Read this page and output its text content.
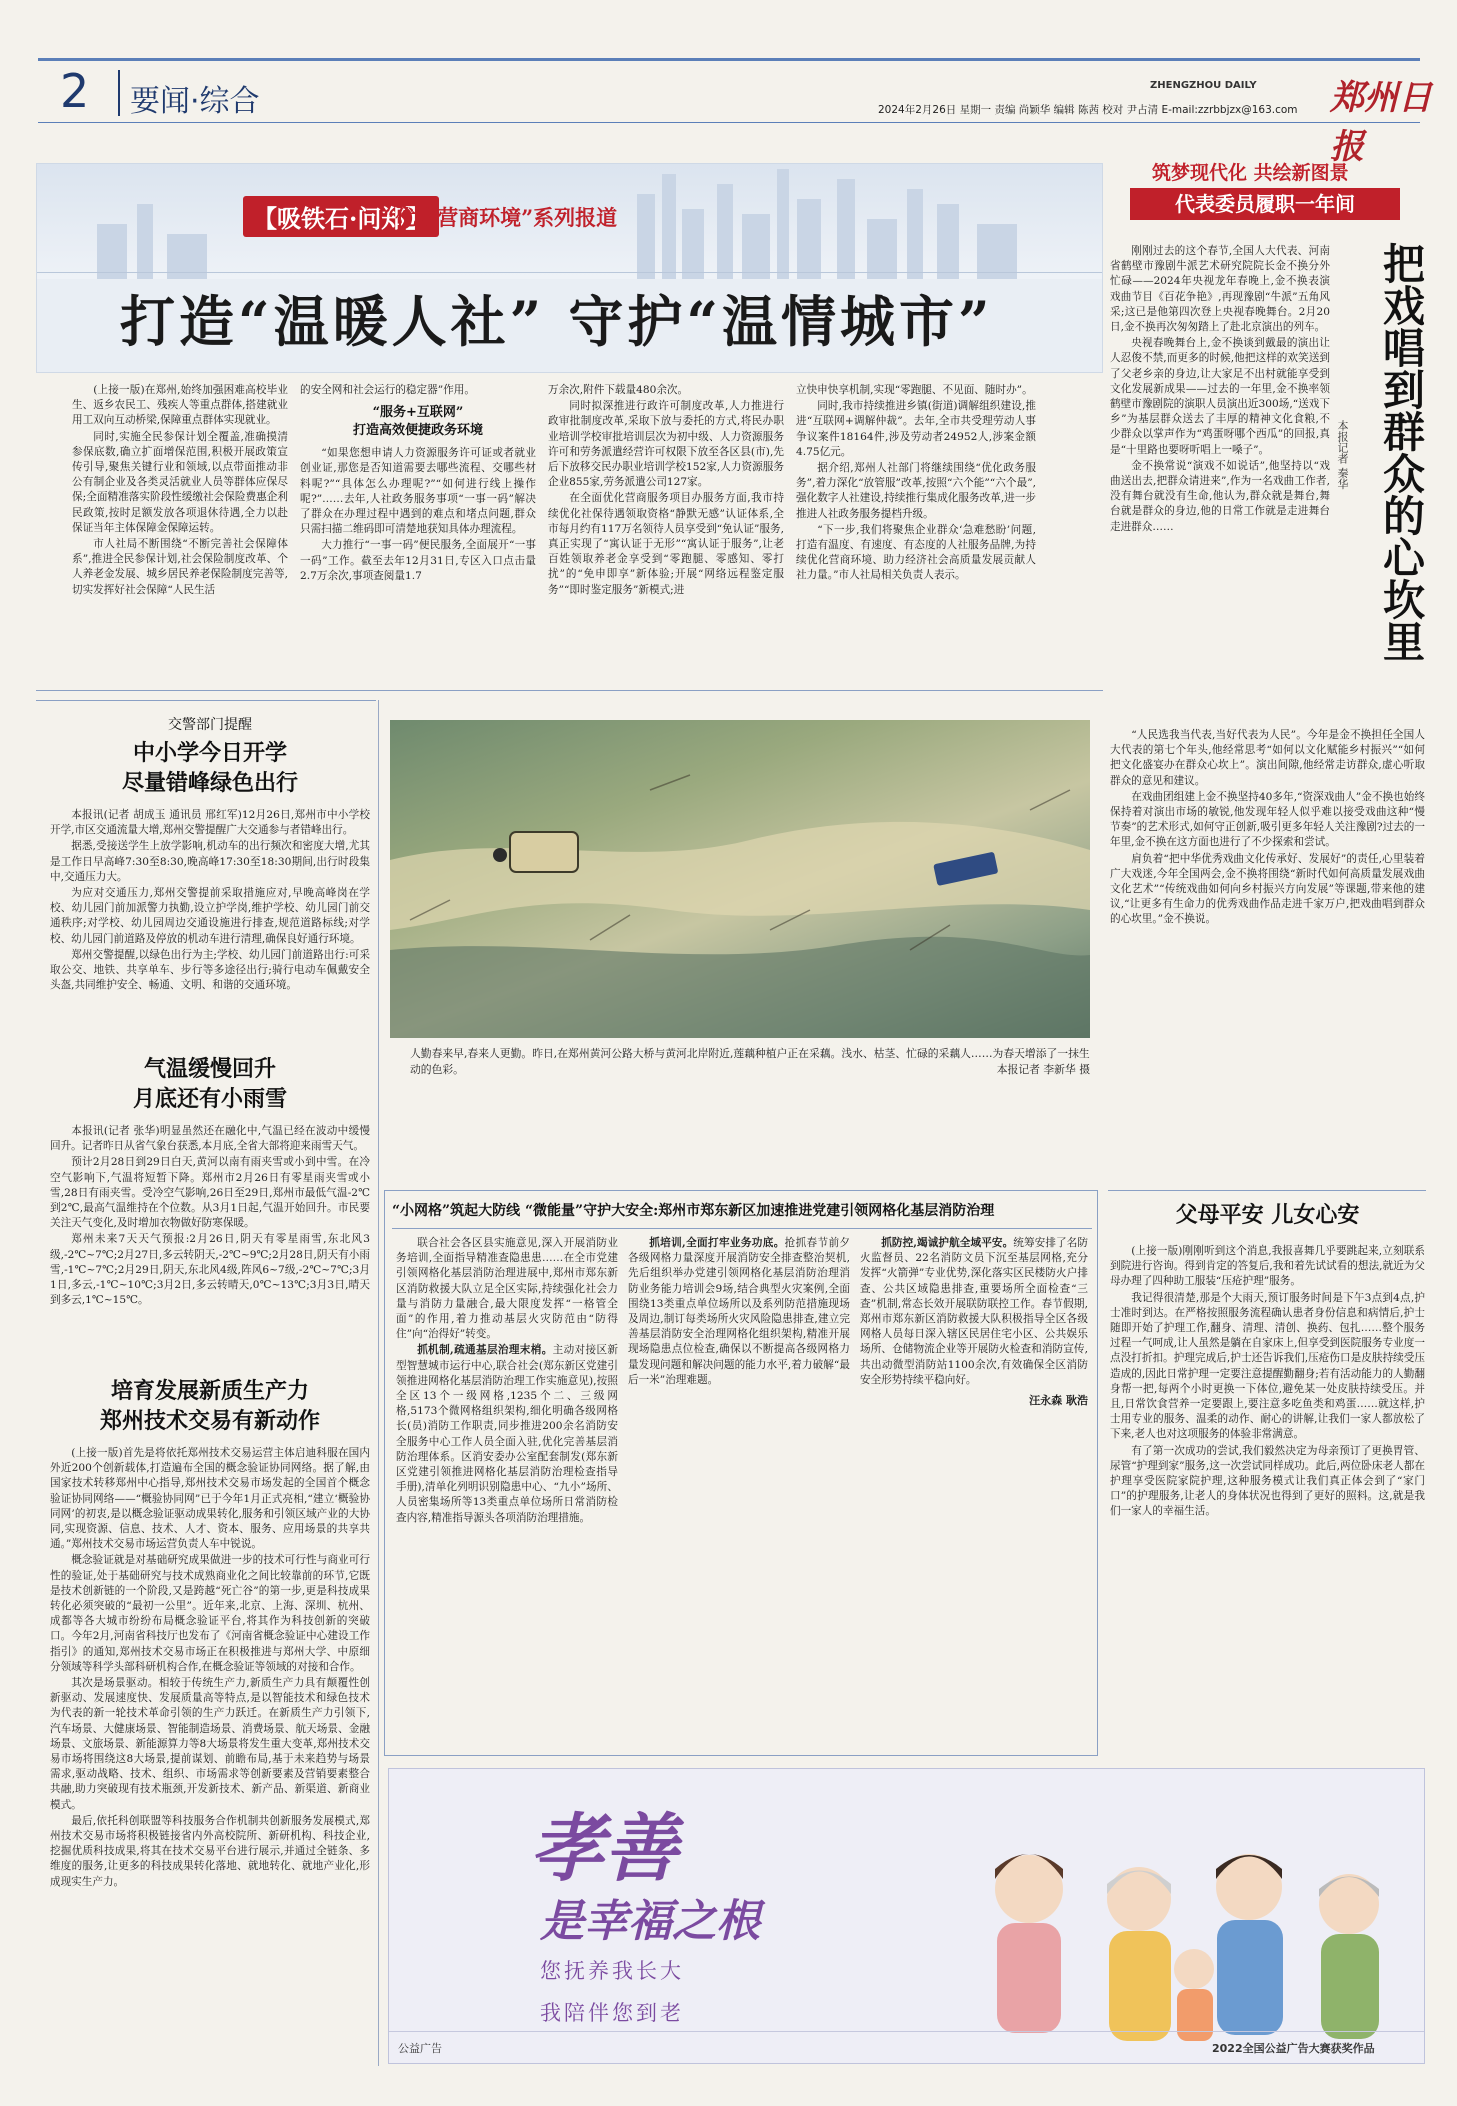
2 要闻·综合	ZHENGZHOU DAILY 郑州日报
2024年2月26日 星期一 责编 尚颖华 编辑 陈茜 校对 尹占清 E-mail:zzrbbjzx@163.com
【吸铁石·问郑】
“优化营商环境”系列报道
打造“温暖人社” 守护“温情城市”

(上接一版)在郑州,始终加强困难高校毕业生、返乡农民工、残疾人等重点群体,搭建就业用工双向互动桥梁,保障重点群体实现就业。

同时,实施全民参保计划全覆盖,准确摸清参保底数,确立扩面增保范围,积极开展政策宣传引导,聚焦关键行业和领域,以点带面推动非公有制企业及各类灵活就业人员等群体应保尽保;全面精准落实阶段性缓缴社会保险费惠企利民政策,按时足额发放各项退休待遇,全力以赴保证当年主体保障金保障运转。

市人社局不断围绕“不断完善社会保障体系”,推进全民参保计划,社会保险制度改革、个人养老金发展、城乡居民养老保险制度完善等,切实发挥好社会保障“人民生活

的安全网和社会运行的稳定器”作用。

“服务+互联网”
打造高效便捷政务环境

“如果您想申请人力资源服务许可证或者就业创业证,那您是否知道需要去哪些流程、交哪些材料呢?”“具体怎么办理呢?”“如何进行线上操作呢?”……去年,人社政务服务事项“一事一码”解决了群众在办理过程中遇到的难点和堵点问题,群众只需扫描二维码即可清楚地获知具体办理流程。

大力推行“一事一码”便民服务,全面展开“一事一码”工作。截至去年12月31日,专区入口点击量2.7万余次,事项查阅量1.7

万余次,附件下载量480余次。

同时拟深推进行政许可制度改革,人力推进行政审批制度改革,采取下放与委托的方式,将民办职业培训学校审批培训层次为初中级、人力资源服务许可和劳务派遣经营许可权限下放至各区县(市),先后下放移交民办职业培训学校152家,人力资源服务企业855家,劳务派遣公司127家。

在全面优化营商服务项目办服务方面,我市持续优化社保待遇领取资格“静默无感”认证体系,全市每月约有117万名领待人员享受到“免认证”服务,真正实现了“寓认证于无形”“寓认证于服务”,让老百姓领取养老金享受到“零跑腿、零感知、零打扰”的“免申即享”新体验;开展“网络远程鉴定服务”“即时鉴定服务”新模式;进

立快申快享机制,实现“零跑腿、不见面、随时办”。

同时,我市持续推进乡镇(街道)调解组织建设,推进“互联网+调解仲裁”。去年,全市共受理劳动人事争议案件18164件,涉及劳动者24952人,涉案金额4.75亿元。

据介绍,郑州人社部门将继续围绕“优化政务服务”,着力深化“放管服”改革,按照“六个能”“六个最”,强化数字人社建设,持续推行集成化服务改革,进一步推进人社政务服务提档升级。

“下一步,我们将聚焦企业群众‘急难愁盼’问题,打造有温度、有速度、有态度的人社服务品牌,为持续优化营商环境、助力经济社会高质量发展贡献人社力量。”市人社局相关负责人表示。

筑梦现代化 共绘新图景
代表委员履职一年间
把戏唱到群众的心坎里
本报记者 秦华

刚刚过去的这个春节,全国人大代表、河南省鹤壁市豫剧牛派艺术研究院院长金不换分外忙碌——2024年央视龙年春晚上,金不换表演戏曲节目《百花争艳》,再现豫剧“牛派”五角风采;这已是他第四次登上央视春晚舞台。2月20日,金不换再次匆匆踏上了赴北京演出的列车。

央视春晚舞台上,金不换谈到戴最的演出让人忍俊不禁,而更多的时候,他把这样的欢笑送到了父老乡亲的身边,让大家足不出村就能享受到文化发展新成果——过去的一年里,金不换率领鹤壁市豫剧院的演职人员演出近300场,“送戏下乡”为基层群众送去了丰厚的精神文化食粮,不少群众以掌声作为“鸡蛋呀哪个西瓜”的回报,真是“十里路也要呀听唱上一嗓子”。

金不换常说“演戏不如说话”,他坚持以“戏曲送出去,把群众请进来”,作为一名戏曲工作者,没有舞台就没有生命,他认为,群众就是舞台,舞台就是群众的身边,他的日常工作就是走进舞台走进群众……

“人民选我当代表,当好代表为人民”。今年是金不换担任全国人大代表的第七个年头,他经常思考“如何以文化赋能乡村振兴”“如何把文化盛宴办在群众心坎上”。演出间隙,他经常走访群众,虚心听取群众的意见和建议。

在戏曲团组建上金不换坚持40多年,“资深戏曲人”金不换也始终保持着对演出市场的敏锐,他发现年轻人似乎难以接受戏曲这种“慢节奏”的艺术形式,如何守正创新,吸引更多年轻人关注豫剧?过去的一年里,金不换在这方面也进行了不少探索和尝试。

肩负着“把中华优秀戏曲文化传承好、发展好”的责任,心里装着广大戏迷,今年全国两会,金不换将围绕“新时代如何高质量发展戏曲文化艺术”“传统戏曲如何向乡村振兴方向发展”等课题,带来他的建议,“让更多有生命力的优秀戏曲作品走进千家万户,把戏曲唱到群众的心坎里。”金不换说。

人勤春来早,春来人更勤。昨日,在郑州黄河公路大桥与黄河北岸附近,莲藕种植户正在采藕。浅水、枯茎、忙碌的采藕人……为春天增添了一抹生动的色彩。	本报记者 李新华 摄
交警部门提醒
中小学今日开学
尽量错峰绿色出行

本报讯(记者 胡成玉 通讯员 邢红军)12月26日,郑州市中小学校开学,市区交通流量大增,郑州交警提醒广大交通参与者错峰出行。

据悉,受接送学生上放学影响,机动车的出行频次和密度大增,尤其是工作日早高峰7:30至8:30,晚高峰17:30至18:30期间,出行时段集中,交通压力大。

为应对交通压力,郑州交警提前采取措施应对,早晚高峰岗在学校、幼儿园门前加派警力执勤,设立护学岗,维护学校、幼儿园门前交通秩序;对学校、幼儿园周边交通设施进行排查,规范道路标线;对学校、幼儿园门前道路及停放的机动车进行清理,确保良好通行环境。

郑州交警提醒,以绿色出行为主;学校、幼儿园门前道路出行:可采取公交、地铁、共享单车、步行等多途径出行;骑行电动车佩戴安全头盔,共同维护安全、畅通、文明、和谐的交通环境。

气温缓慢回升
月底还有小雨雪

本报讯(记者 张华)明显虽然还在融化中,气温已经在波动中缓慢回升。记者昨日从省气象台获悉,本月底,全省大部将迎来雨雪天气。

预计2月28日到29日白天,黄河以南有雨夹雪或小到中雪。在冷空气影响下,气温将短暂下降。郑州市2月26日有零星雨夹雪或小雪,28日有雨夹雪。受冷空气影响,26日至29日,郑州市最低气温-2℃到2℃,最高气温维持在个位数。从3月1日起,气温开始回升。市民要关注天气变化,及时增加衣物做好防寒保暖。

郑州未来7天天气预报:2月26日,阴天有零星雨雪,东北风3级,-2℃~7℃;2月27日,多云转阴天,-2℃~9℃;2月28日,阴天有小雨雪,-1℃~7℃;2月29日,阴天,东北风4级,阵风6~7级,-2℃~7℃;3月1日,多云,-1℃~10℃;3月2日,多云转晴天,0℃~13℃;3月3日,晴天到多云,1℃~15℃。

培育发展新质生产力
郑州技术交易有新动作

(上接一版)首先是将依托郑州技术交易运营主体启迪科服在国内外近200个创新载体,打造遍布全国的概念验证协同网络。据了解,由国家技术转移郑州中心指导,郑州技术交易市场发起的全国首个概念验证协同网络——“概验协同网”已于今年1月正式亮相,“建立‘概验协同网’的初衷,是以概念验证驱动成果转化,服务和引领区域产业的大协同,实现资源、信息、技术、人才、资本、服务、应用场景的共享共通。”郑州技术交易市场运营负责人车中锐说。

概念验证就是对基础研究成果做进一步的技术可行性与商业可行性的验证,处于基础研究与技术成熟商业化之间比较靠前的环节,它既是技术创新链的一个阶段,又是跨越“死亡谷”的第一步,更是科技成果转化必须突破的“最初一公里”。近年来,北京、上海、深圳、杭州、成都等各大城市纷纷布局概念验证平台,将其作为科技创新的突破口。今年2月,河南省科技厅也发布了《河南省概念验证中心建设工作指引》的通知,郑州技术交易市场正在积极推进与郑州大学、中原细分领域等科学头部科研机构合作,在概念验证等领域的对接和合作。

其次是场景驱动。相较于传统生产力,新质生产力具有颠覆性创新驱动、发展速度快、发展质量高等特点,是以智能技术和绿色技术为代表的新一轮技术革命引领的生产力跃迁。在新质生产力引领下,汽车场景、大健康场景、智能制造场景、消费场景、航天场景、金融场景、文旅场景、新能源算力等8大场景将发生重大变革,郑州技术交易市场将围绕这8大场景,提前谋划、前瞻布局,基于未来趋势与场景需求,驱动战略、技术、组织、市场需求等创新要素及营销要素整合共融,助力突破现有技术瓶颈,开发新技术、新产品、新渠道、新商业模式。

最后,依托科创联盟等科技服务合作机制共创新服务发展模式,郑州技术交易市场将积极链接省内外高校院所、新研机构、科技企业,挖掘优质科技成果,将其在技术交易平台进行展示,并通过全链条、多维度的服务,让更多的科技成果转化落地、就地转化、就地产业化,形成现实生产力。

“小网格”筑起大防线 “微能量”守护大安全:郑州市郑东新区加速推进党建引领网格化基层消防治理

联合社会各区县实施意见,深入开展消防业务培训,全面指导精准查隐患患……在全市党建引领网格化基层消防治理进展中,郑州市郑东新区消防救援大队立足全区实际,持续强化社会力量与消防力量融合,最大限度发挥“一格管全面”的作用,着力推动基层火灾防范由“防得住”向“治得好”转变。

抓机制,疏通基层治理末梢。主动对接区新型智慧城市运行中心,联合社会(郑东新区党建引领推进网格化基层消防治理工作实施意见),按照全区13个一级网格,1235个二、三级网格,5173个微网格组织架构,细化明确各级网格长(员)消防工作职责,同步推进200余名消防安全服务中心工作人员全面入驻,优化完善基层消防治理体系。区消安委办公室配套制发(郑东新区党建引领推进网格化基层消防治理检查指导手册),清单化列明识别隐患中心、“九小”场所、人员密集场所等13类重点单位场所日常消防检查内容,精准指导源头各项消防治理措施。

抓培训,全面打牢业务功底。抢抓春节前夕各级网格力量深度开展消防安全排查整治契机,先后组织举办党建引领网格化基层消防治理消防业务能力培训会9场,结合典型火灾案例,全面围绕13类重点单位场所以及系列防范措施现场及周边,制订每类场所火灾风险隐患排查,建立完善基层消防安全治理网格化组织架构,精准开展现场隐患点位检查,确保以不断提高各级网格力量发现问题和解决问题的能力水平,着力破解“最后一米”治理难题。

抓防控,竭诚护航全域平安。统筹安排了名防火监督员、22名消防文员下沉至基层网格,充分发挥“火箭弹”专业优势,深化落实区民楼防火户排查、公共区域隐患排查,重要场所全面检查“三查”机制,常态长效开展联防联控工作。春节假期,郑州市郑东新区消防救援大队积极指导全区各级网格人员每日深入辖区民居住宅小区、公共娱乐场所、仓储物流企业等开展防火检查和消防宣传,共出动微型消防站1100余次,有效确保全区消防安全形势持续平稳向好。

汪永森 耿浩

父母平安 儿女心安

(上接一版)刚刚听到这个消息,我报喜舞几乎要跳起来,立刻联系到院进行咨询。得到肯定的答复后,我和着先试试看的想法,就近为父母办理了四种助工服装“压疮护理”服务。

我记得很清楚,那是个大雨天,预订服务时间是下午3点到4点,护士准时到达。在严格按照服务流程确认患者身份信息和病情后,护士随即开始了护理工作,翻身、清理、清创、换药、包扎……整个服务过程一气呵成,让人虽然是躺在自家床上,但享受到医院服务专业度一点没打折扣。护理完成后,护士还告诉我们,压疮伤口是皮肤持续受压造成的,因此日常护理一定要注意提醒勤翻身;若有活动能力的人勤翻身帮一把,每两个小时更换一下体位,避免某一处皮肤持续受压。并且,日常饮食营养一定要跟上,要注意多吃鱼类和鸡蛋……就这样,护士用专业的服务、温柔的动作、耐心的讲解,让我们一家人都放松了下来,老人也对这项服务的体验非常满意。

有了第一次成功的尝试,我们毅然决定为母亲预订了更换胃管、尿管“护理到家”服务,这一次尝试同样成功。此后,两位卧床老人都在护理享受医院家院护理,这种服务模式让我们真正体会到了“家门口”的护理服务,让老人的身体状况也得到了更好的照料。这,就是我们一家人的幸福生活。

孝善
是幸福之根
您抚养我长大
我陪伴您到老
公益广告	2022全国公益广告大赛获奖作品
